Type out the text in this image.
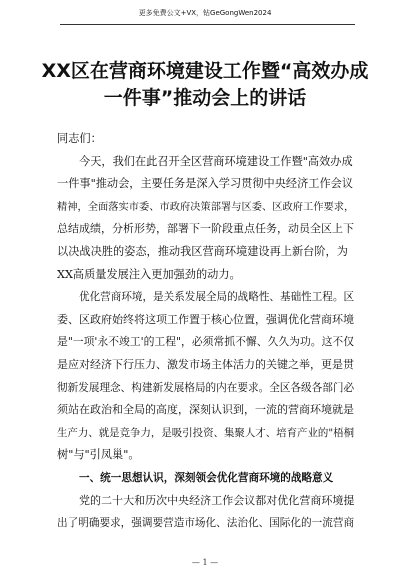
更多免费公文+VX，钻GeGongWen2024
XX区在营商环境建设工作暨“高效办成
一件事”推动会上的讲话
同志们：
今天，我们在此召开全区营商环境建设工作暨"高效办成
一件事"推动会，主要任务是深入学习贯彻中央经济工作会议
精神，全面落实市委、市政府决策部署与区委、区政府工作要求，
总结成绩，分析形势，部署下一阶段重点任务，动员全区上下
以决战决胜的姿态，推动我区营商环境建设再上新台阶，为
XX高质量发展注入更加强劲的动力。
优化营商环境，是关系发展全局的战略性、基础性工程。区
委、区政府始终将这项工作置于核心位置，强调优化营商环境
是"一项'永不竣工'的工程"，必须常抓不懈、久久为功。这不仅
是应对经济下行压力、激发市场主体活力的关键之举，更是贯
彻新发展理念、构建新发展格局的内在要求。全区各级各部门必
须站在政治和全局的高度，深刻认识到，一流的营商环境就是
生产力、就是竞争力，是吸引投资、集聚人才、培育产业的"梧桐
树"与"引凤巢"。
一、统一思想认识，深刻领会优化营商环境的战略意义
党的二十大和历次中央经济工作会议都对优化营商环境提
出了明确要求，强调要营造市场化、法治化、国际化的一流营商
— 1 —
